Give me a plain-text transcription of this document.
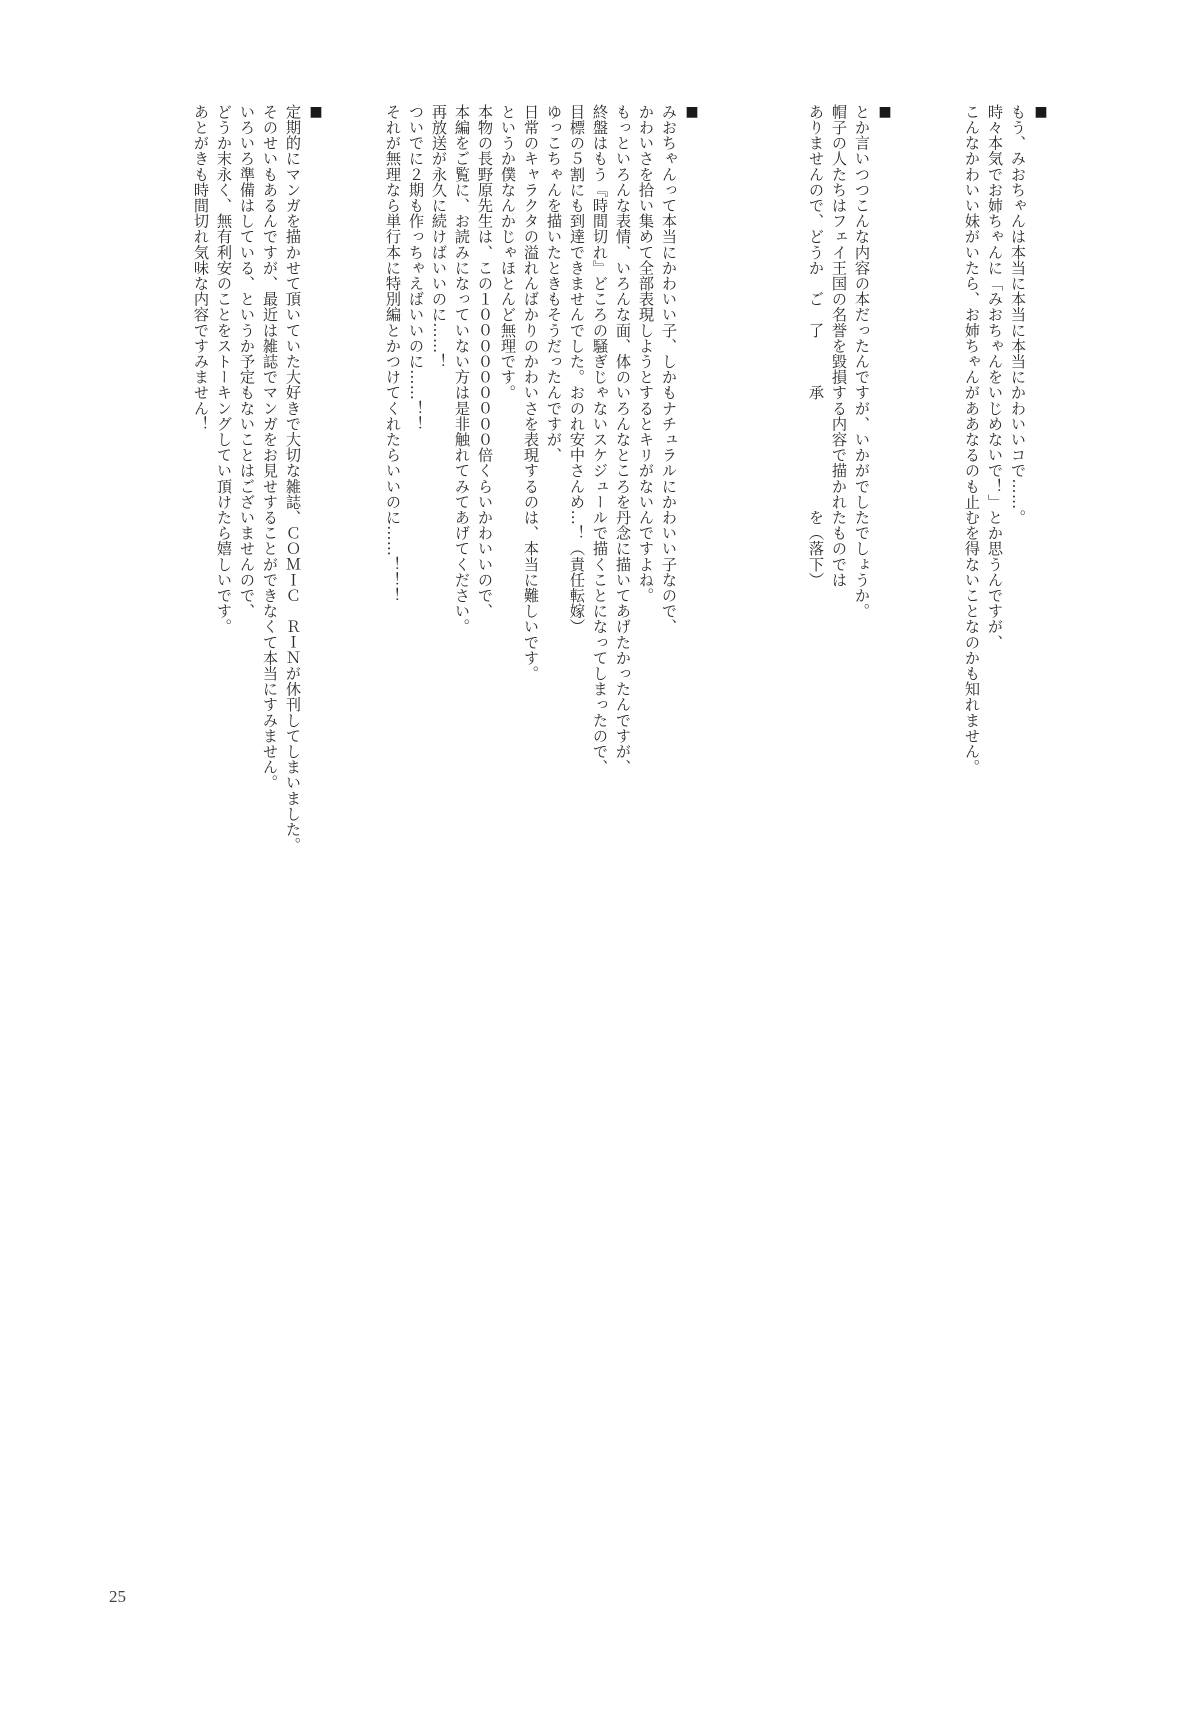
■
もう、みおちゃんは本当に本当に本当にかわいいコで……。
時々本気でお姉ちゃんに「みおちゃんをいじめないで！」とか思うんですが、
こんなかわいい妹がいたら、お姉ちゃんがああなるのも止むを得ないことなのかも知れません。
■
とか言いつつこんな内容の本だったんですが、いかがでしたでしょうか。
帽子の人たちはフェイ王国の名誉を毀損する内容で描かれたものでは
ありませんので、どうか　ご　了　　　承　　　　　　　を（落下）
■
みおちゃんって本当にかわいい子、しかもナチュラルにかわいい子なので、
かわいさを拾い集めて全部表現しようとするとキリがないんですよね。
もっといろんな表情、いろんな面、体のいろんなところを丹念に描いてあげたかったんですが、
終盤はもう『時間切れ』どころの騒ぎじゃないスケジュールで描くことになってしまったので、
目標の５割にも到達できませんでした。おのれ安中さんめ…！（責任転嫁）
ゆっこちゃんを描いたときもそうだったんですが、
日常のキャラクタの溢れんばかりのかわいさを表現するのは、本当に難しいです。
というか僕なんかじゃほとんど無理です。
本物の長野原先生は、この１０００００００００倍くらいかわいいので、
本編をご覧に、お読みになっていない方は是非触れてみてあげてください。
再放送が永久に続けばいいのに……！
ついでに２期も作っちゃえばいいのに……！！
それが無理なら単行本に特別編とかつけてくれたらいいのに……！！！
■
定期的にマンガを描かせて頂いていた大好きで大切な雑誌、ＣＯＭＩＣ　ＲＩＮが休刊してしまいました。
そのせいもあるんですが、最近は雑誌でマンガをお見せすることができなくて本当にすみません。
いろいろ準備はしている、というか予定もないことはございませんので、
どうか末永く、無有利安のことをストーキングしてい頂けたら嬉しいです。
あとがきも時間切れ気味な内容ですみません！
25
